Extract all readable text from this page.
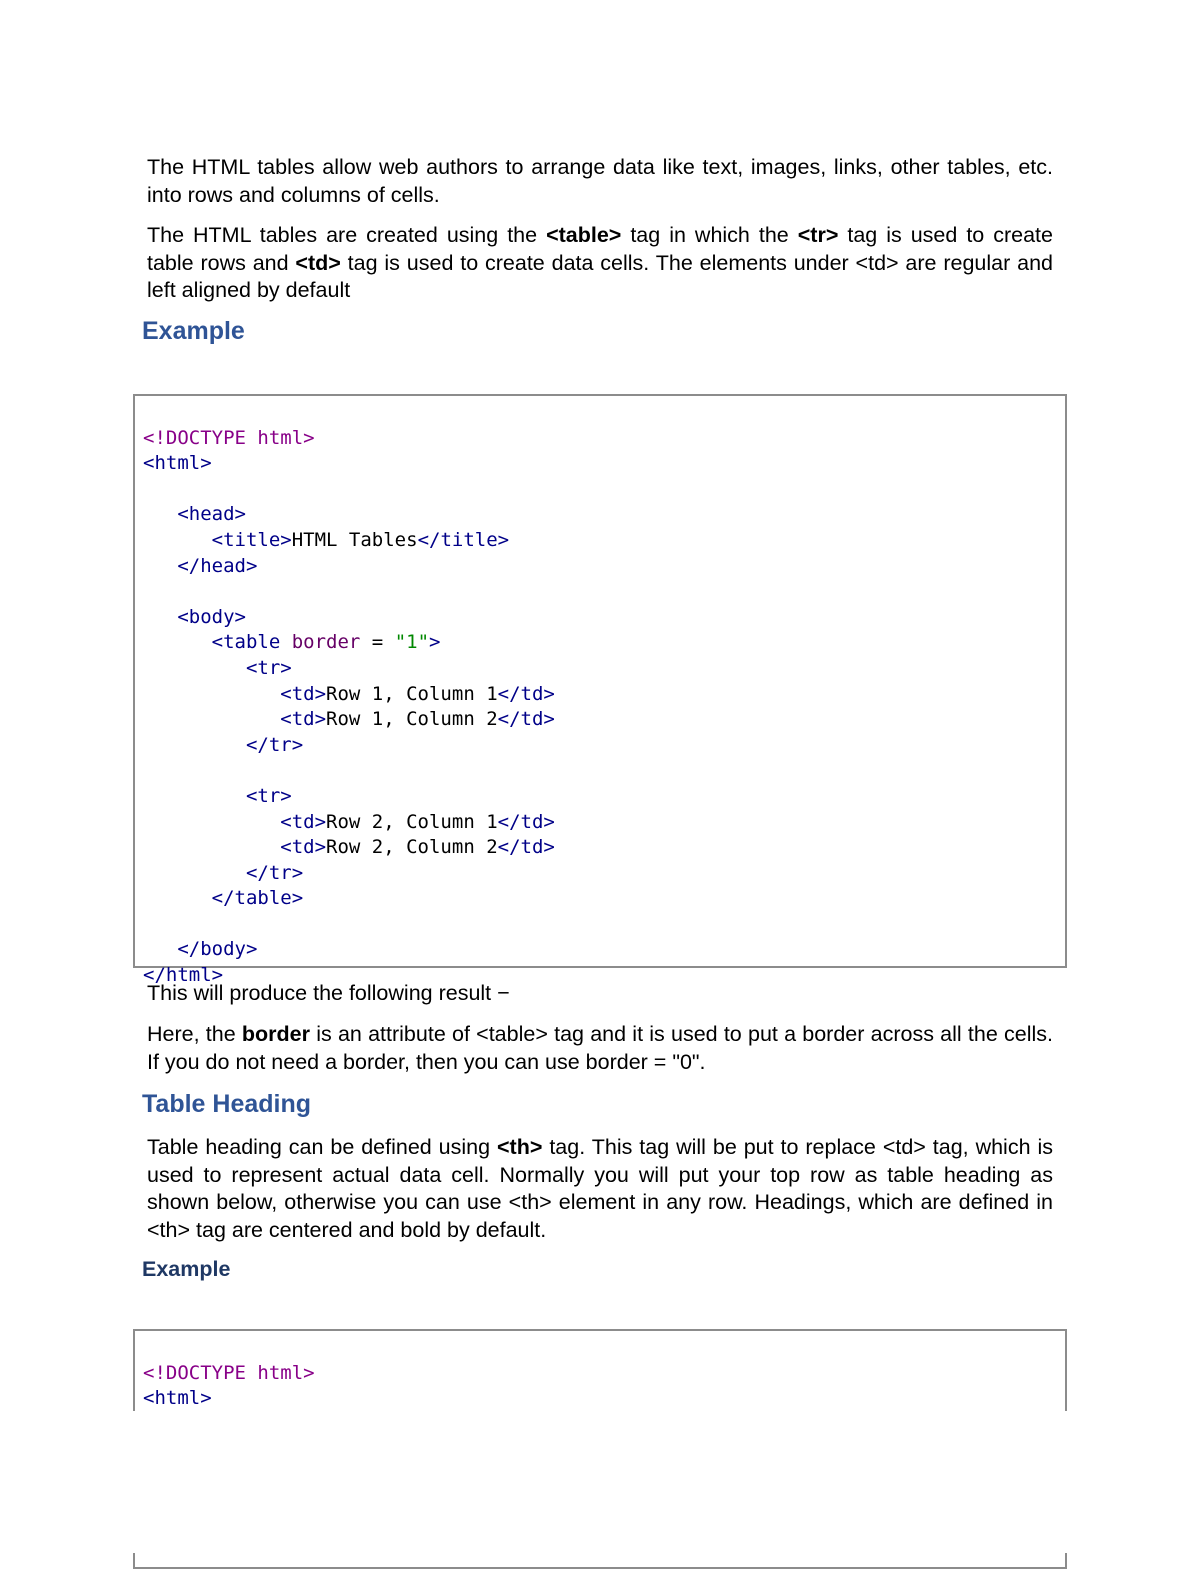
The HTML tables allow web authors to arrange data like text, images, links, other tables, etc. into rows and columns of cells.

The HTML tables are created using the <table> tag in which the <tr> tag is used to create table rows and <td> tag is used to create data cells. The elements under <td> are regular and left aligned by default

Example

<!DOCTYPE html>
<html>
<head>
<title>HTML Tables</title>
</head>
<body>
<table border = "1">
<tr>
<td>Row 1, Column 1</td>
<td>Row 1, Column 2</td>
</tr>
<tr>
<td>Row 2, Column 1</td>
<td>Row 2, Column 2</td>
</tr>
</table>
</body>
</html>

This will produce the following result −

Here, the border is an attribute of <table> tag and it is used to put a border across all the cells. If you do not need a border, then you can use border = "0".

Table Heading

Table heading can be defined using <th> tag. This tag will be put to replace <td> tag, which is used to represent actual data cell. Normally you will put your top row as table heading as shown below, otherwise you can use <th> element in any row. Headings, which are defined in <th> tag are centered and bold by default.

Example

<!DOCTYPE html>
<html>
